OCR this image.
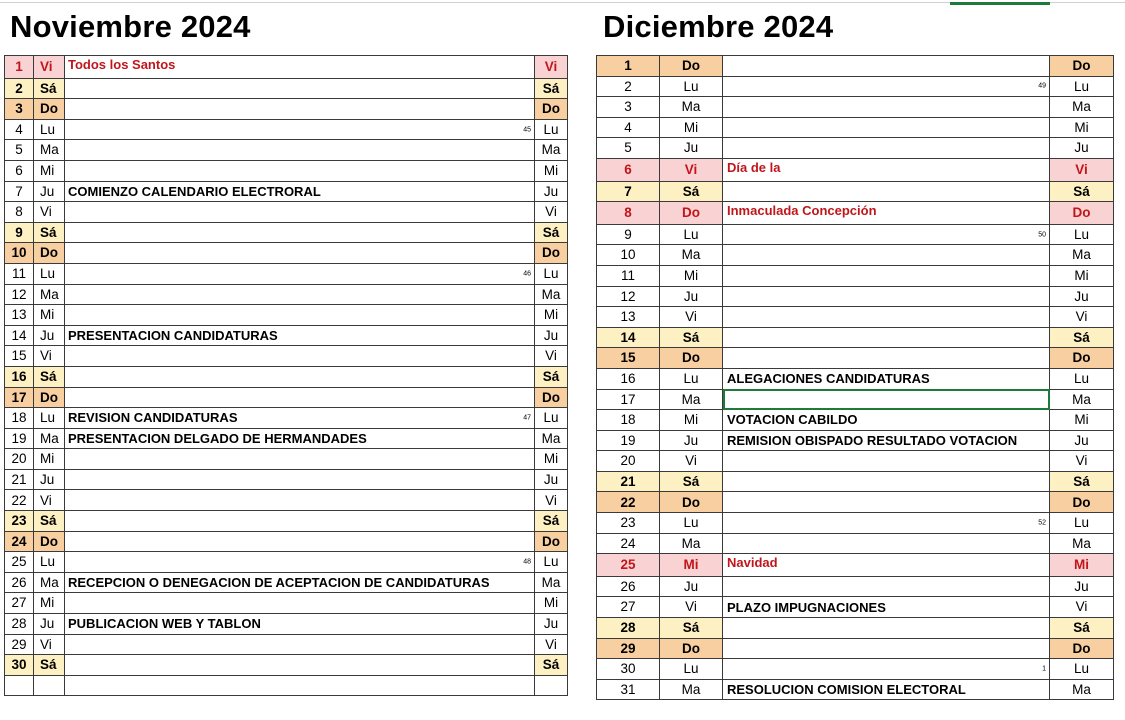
Noviembre 2024	Diciembre 2024
1	Vi	Todos los Santos	Vi
2	Sá		Sá
3	Do		Do
4	Lu	45	Lu
5	Ma		Ma
6	Mi		Mi
7	Ju	COMIENZO CALENDARIO ELECTRORAL	Ju
8	Vi		Vi
9	Sá		Sá
10	Do		Do
11	Lu	46	Lu
12	Ma		Ma
13	Mi		Mi
14	Ju	PRESENTACION CANDIDATURAS	Ju
15	Vi		Vi
16	Sá		Sá
17	Do		Do
18	Lu	REVISION CANDIDATURAS 47	Lu
19	Ma	PRESENTACION DELGADO DE HERMANDADES	Ma
20	Mi		Mi
21	Ju		Ju
22	Vi		Vi
23	Sá		Sá
24	Do		Do
25	Lu	48	Lu
26	Ma	RECEPCION O DENEGACION DE ACEPTACION DE CANDIDATURAS	Ma
27	Mi		Mi
28	Ju	PUBLICACION WEB Y TABLON	Ju
29	Vi		Vi
30	Sá		Sá

1	Do		Do
2	Lu	49	Lu
3	Ma		Ma
4	Mi		Mi
5	Ju		Ju
6	Vi	Día de la	Vi
7	Sá		Sá
8	Do	Inmaculada Concepción	Do
9	Lu	50	Lu
10	Ma		Ma
11	Mi		Mi
12	Ju		Ju
13	Vi		Vi
14	Sá		Sá
15	Do		Do
16	Lu	ALEGACIONES CANDIDATURAS	Lu
17	Ma		Ma
18	Mi	VOTACION CABILDO	Mi
19	Ju	REMISION OBISPADO RESULTADO VOTACION	Ju
20	Vi		Vi
21	Sá		Sá
22	Do		Do
23	Lu	52	Lu
24	Ma		Ma
25	Mi	Navidad	Mi
26	Ju		Ju
27	Vi	PLAZO IMPUGNACIONES	Vi
28	Sá		Sá
29	Do		Do
30	Lu	1	Lu
31	Ma	RESOLUCION COMISION ELECTORAL	Ma
